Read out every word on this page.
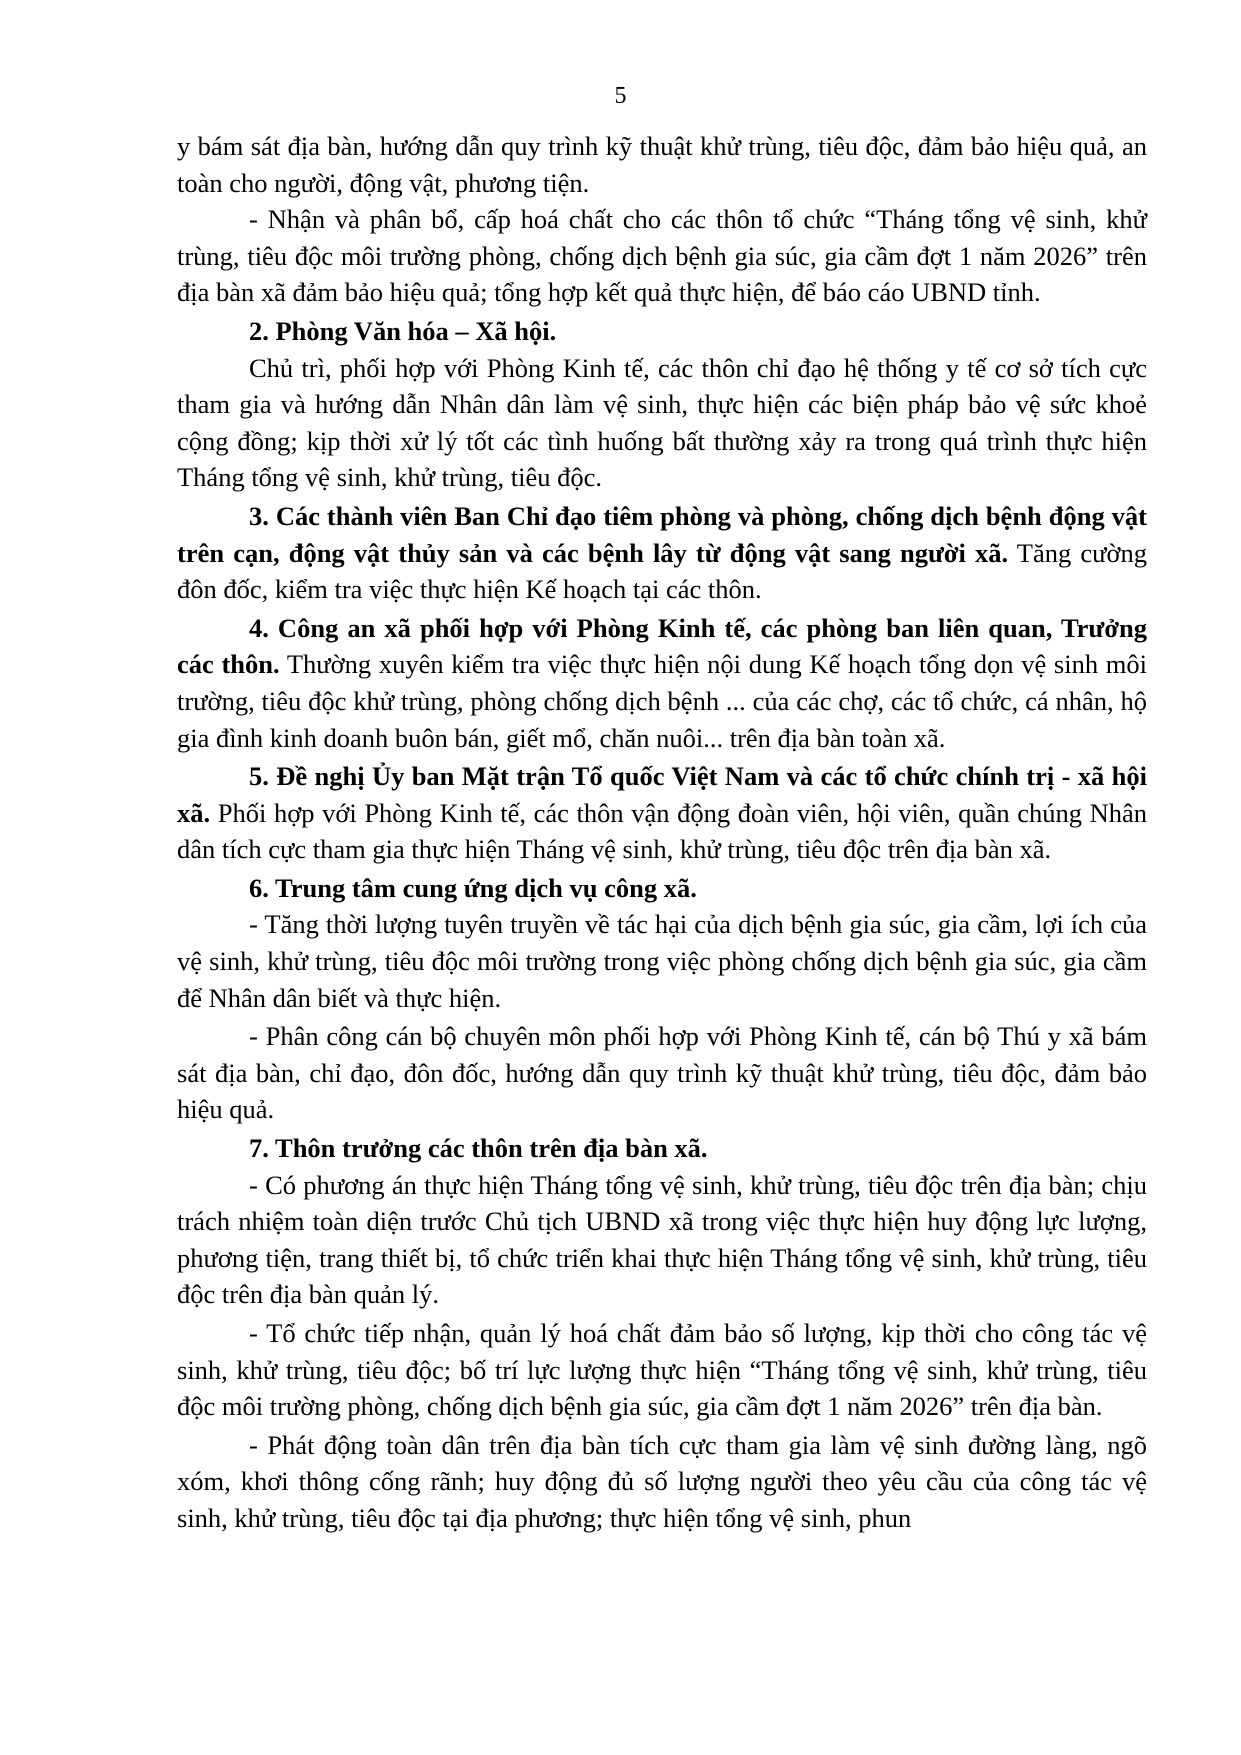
5

y bám sát địa bàn, hướng dẫn quy trình kỹ thuật khử trùng, tiêu độc, đảm bảo hiệu quả, an toàn cho người, động vật, phương tiện.

- Nhận và phân bổ, cấp hoá chất cho các thôn tổ chức “Tháng tổng vệ sinh, khử trùng, tiêu độc môi trường phòng, chống dịch bệnh gia súc, gia cầm đợt 1 năm 2026” trên địa bàn xã đảm bảo hiệu quả; tổng hợp kết quả thực hiện, để báo cáo UBND tỉnh.

2. Phòng Văn hóa – Xã hội.

Chủ trì, phối hợp với Phòng Kinh tế, các thôn chỉ đạo hệ thống y tế cơ sở tích cực tham gia và hướng dẫn Nhân dân làm vệ sinh, thực hiện các biện pháp bảo vệ sức khoẻ cộng đồng; kịp thời xử lý tốt các tình huống bất thường xảy ra trong quá trình thực hiện Tháng tổng vệ sinh, khử trùng, tiêu độc.

3. Các thành viên Ban Chỉ đạo tiêm phòng và phòng, chống dịch bệnh động vật trên cạn, động vật thủy sản và các bệnh lây từ động vật sang người xã. Tăng cường đôn đốc, kiểm tra việc thực hiện Kế hoạch tại các thôn.

4. Công an xã phối hợp với Phòng Kinh tế, các phòng ban liên quan, Trưởng các thôn. Thường xuyên kiểm tra việc thực hiện nội dung Kế hoạch tổng dọn vệ sinh môi trường, tiêu độc khử trùng, phòng chống dịch bệnh ... của các chợ, các tổ chức, cá nhân, hộ gia đình kinh doanh buôn bán, giết mổ, chăn nuôi... trên địa bàn toàn xã.

5. Đề nghị Ủy ban Mặt trận Tổ quốc Việt Nam và các tổ chức chính trị - xã hội xã. Phối hợp với Phòng Kinh tế, các thôn vận động đoàn viên, hội viên, quần chúng Nhân dân tích cực tham gia thực hiện Tháng vệ sinh, khử trùng, tiêu độc trên địa bàn xã.

6. Trung tâm cung ứng dịch vụ công xã.

- Tăng thời lượng tuyên truyền về tác hại của dịch bệnh gia súc, gia cầm, lợi ích của vệ sinh, khử trùng, tiêu độc môi trường trong việc phòng chống dịch bệnh gia súc, gia cầm để Nhân dân biết và thực hiện.

- Phân công cán bộ chuyên môn phối hợp với Phòng Kinh tế, cán bộ Thú y xã bám sát địa bàn, chỉ đạo, đôn đốc, hướng dẫn quy trình kỹ thuật khử trùng, tiêu độc, đảm bảo hiệu quả.

7. Thôn trưởng các thôn trên địa bàn xã.

- Có phương án thực hiện Tháng tổng vệ sinh, khử trùng, tiêu độc trên địa bàn; chịu trách nhiệm toàn diện trước Chủ tịch UBND xã trong việc thực hiện huy động lực lượng, phương tiện, trang thiết bị, tổ chức triển khai thực hiện Tháng tổng vệ sinh, khử trùng, tiêu độc trên địa bàn quản lý.

- Tổ chức tiếp nhận, quản lý hoá chất đảm bảo số lượng, kịp thời cho công tác vệ sinh, khử trùng, tiêu độc; bố trí lực lượng thực hiện “Tháng tổng vệ sinh, khử trùng, tiêu độc môi trường phòng, chống dịch bệnh gia súc, gia cầm đợt 1 năm 2026” trên địa bàn.

- Phát động toàn dân trên địa bàn tích cực tham gia làm vệ sinh đường làng, ngõ xóm, khơi thông cống rãnh; huy động đủ số lượng người theo yêu cầu của công tác vệ sinh, khử trùng, tiêu độc tại địa phương; thực hiện tổng vệ sinh, phun
